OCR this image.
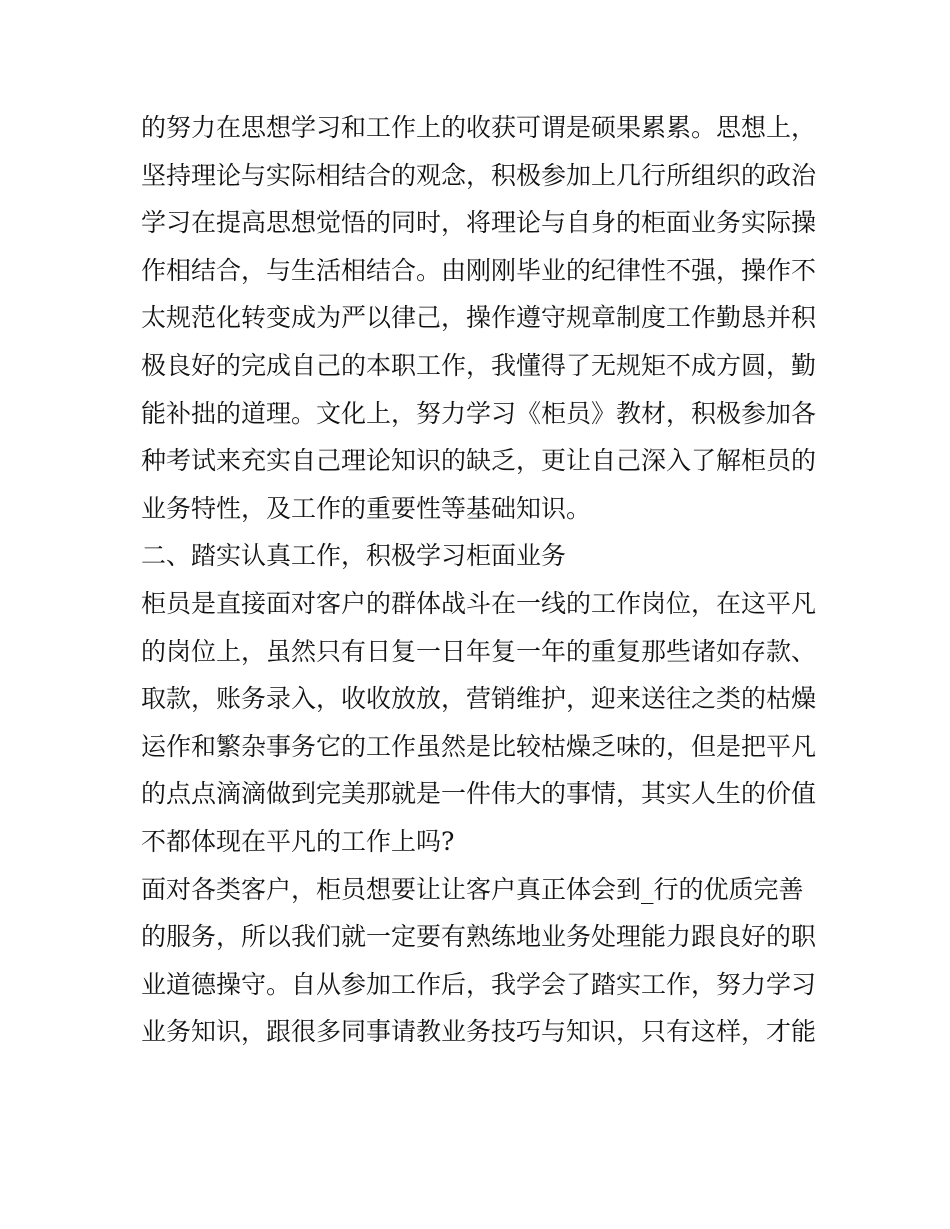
的努力在思想学习和工作上的收获可谓是硕果累累。思想上，
坚持理论与实际相结合的观念，积极参加上几行所组织的政治
学习在提高思想觉悟的同时，将理论与自身的柜面业务实际操
作相结合，与生活相结合。由刚刚毕业的纪律性不强，操作不
太规范化转变成为严以律己，操作遵守规章制度工作勤恳并积
极良好的完成自己的本职工作，我懂得了无规矩不成方圆，勤
能补拙的道理。文化上，努力学习《柜员》教材，积极参加各
种考试来充实自己理论知识的缺乏，更让自己深入了解柜员的
业务特性，及工作的重要性等基础知识。
二、踏实认真工作，积极学习柜面业务
柜员是直接面对客户的群体战斗在一线的工作岗位，在这平凡
的岗位上，虽然只有日复一日年复一年的重复那些诸如存款、
取款，账务录入，收收放放，营销维护，迎来送往之类的枯燥
运作和繁杂事务它的工作虽然是比较枯燥乏味的，但是把平凡
的点点滴滴做到完美那就是一件伟大的事情，其实人生的价值
不都体现在平凡的工作上吗?
面对各类客户，柜员想要让让客户真正体会到_行的优质完善
的服务，所以我们就一定要有熟练地业务处理能力跟良好的职
业道德操守。自从参加工作后，我学会了踏实工作，努力学习
业务知识，跟很多同事请教业务技巧与知识，只有这样，才能
